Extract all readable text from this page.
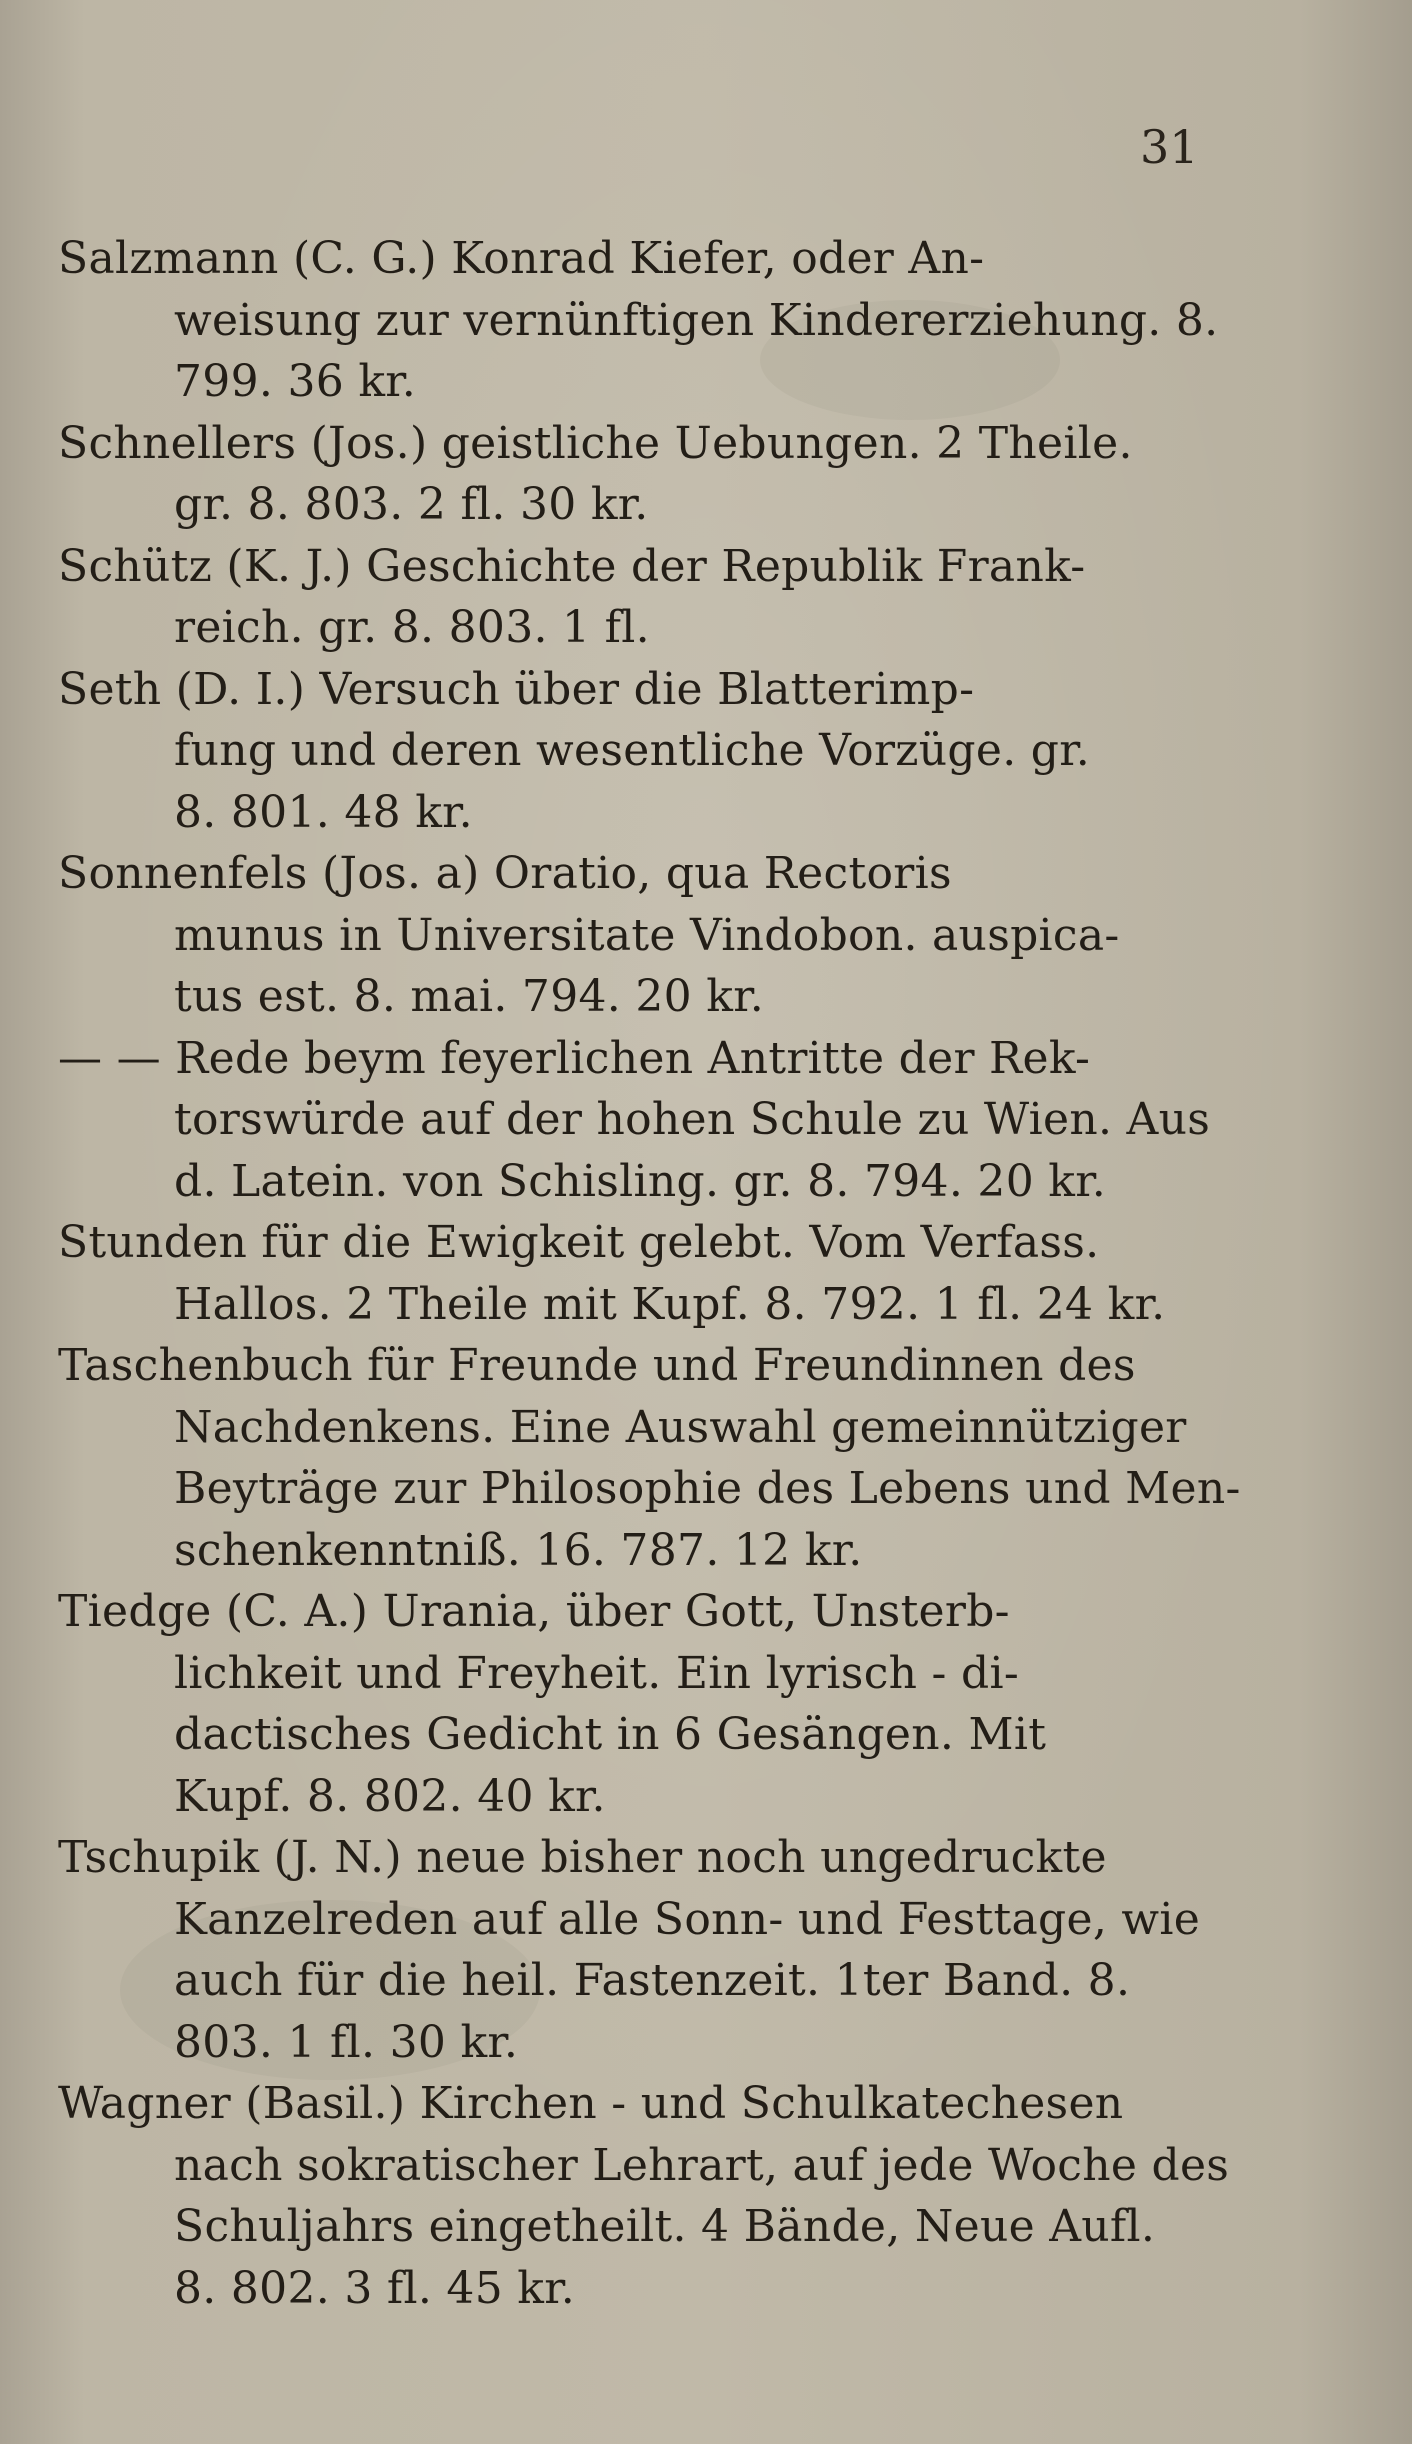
31
Salzmann (C. G.) Konrad Kiefer, oder An-
weisung zur vernünftigen Kindererziehung. 8.
799. 36 kr.
Schnellers (Jos.) geistliche Uebungen. 2 Theile.
gr. 8. 803. 2 fl. 30 kr.
Schütz (K. J.) Geschichte der Republik Frank-
reich. gr. 8. 803. 1 fl.
Seth (D. I.) Versuch über die Blatterimp-
fung und deren wesentliche Vorzüge. gr.
8. 801. 48 kr.
Sonnenfels (Jos. a) Oratio, qua Rectoris
munus in Universitate Vindobon. auspica-
tus est. 8. mai. 794. 20 kr.
— — Rede beym feyerlichen Antritte der Rek-
torswürde auf der hohen Schule zu Wien. Aus
d. Latein. von Schisling. gr. 8. 794. 20 kr.
Stunden für die Ewigkeit gelebt. Vom Verfass.
Hallos. 2 Theile mit Kupf. 8. 792. 1 fl. 24 kr.
Taschenbuch für Freunde und Freundinnen des
Nachdenkens. Eine Auswahl gemeinnütziger
Beyträge zur Philosophie des Lebens und Men-
schenkenntniß. 16. 787. 12 kr.
Tiedge (C. A.) Urania, über Gott, Unsterb-
lichkeit und Freyheit. Ein lyrisch - di-
dactisches Gedicht in 6 Gesängen. Mit
Kupf. 8. 802. 40 kr.
Tschupik (J. N.) neue bisher noch ungedruckte
Kanzelreden auf alle Sonn- und Festtage, wie
auch für die heil. Fastenzeit. 1ter Band. 8.
803. 1 fl. 30 kr.
Wagner (Basil.) Kirchen - und Schulkatechesen
nach sokratischer Lehrart, auf jede Woche des
Schuljahrs eingetheilt. 4 Bände, Neue Aufl.
8. 802. 3 fl. 45 kr.
